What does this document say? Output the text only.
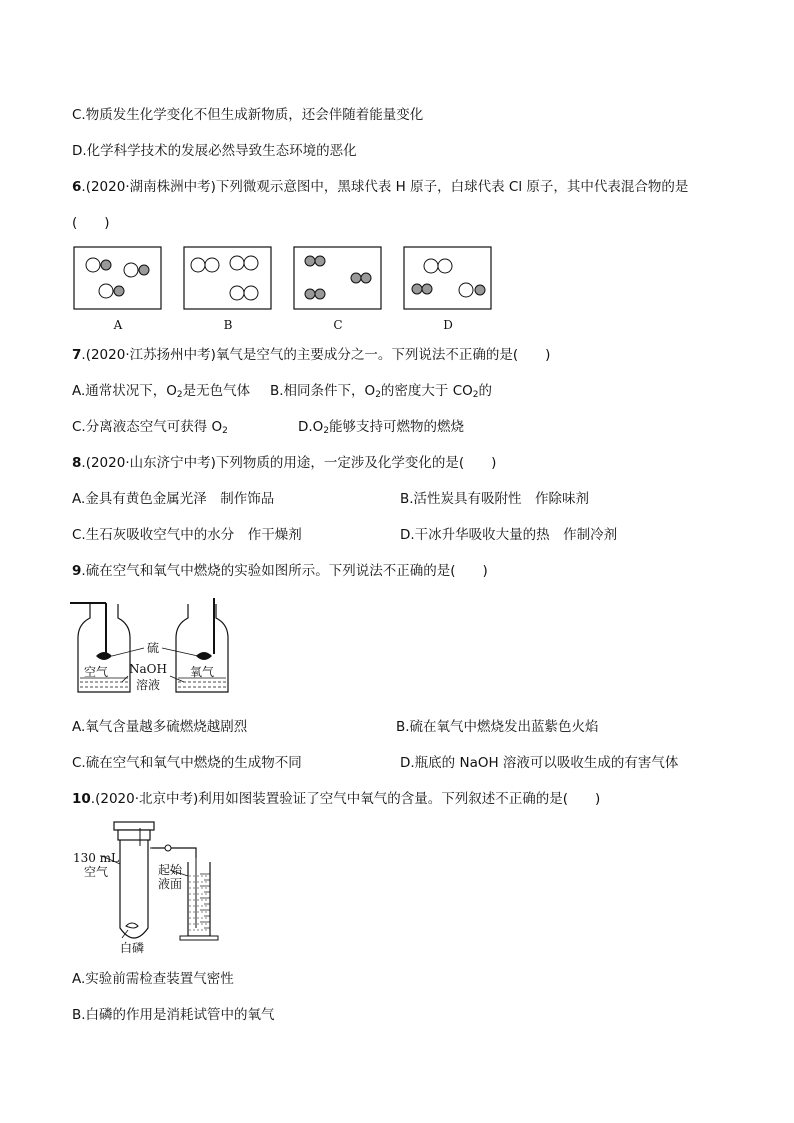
C.物质发生化学变化不但生成新物质，还会伴随着能量变化
D.化学科学技术的发展必然导致生态环境的恶化
6.(2020·湖南株洲中考)下列微观示意图中，黑球代表 H 原子，白球代表 Cl 原子，其中代表混合物的是
(　　)
A	B	C	D
7.(2020·江苏扬州中考)氧气是空气的主要成分之一。下列说法不正确的是(　　)
A.通常状况下，$O_2$是无色气体 B.相同条件下，$O_2$的密度大于 $CO_2$的
C.分离液态空气可获得 $O_2$	$D.O_2$能够支持可燃物的燃烧
8.(2020·山东济宁中考)下列物质的用途，一定涉及化学变化的是(　　)
A.金具有黄色金属光泽　制作饰品	B.活性炭具有吸附性　作除味剂
C.生石灰吸收空气中的水分　作干燥剂	D.干冰升华吸收大量的热　作制冷剂
9.硫在空气和氧气中燃烧的实验如图所示。下列说法不正确的是(　　)
硫
空气 NaOH
溶液
氧气
A.氧气含量越多硫燃烧越剧烈	B.硫在氧气中燃烧发出蓝紫色火焰
C.硫在空气和氧气中燃烧的生成物不同	D.瓶底的 NaOH 溶液可以吸收生成的有害气体
10.(2020·北京中考)利用如图装置验证了空气中氧气的含量。下列叙述不正确的是(　　)
130 mL
空气	起始
液面
白磷
A.实验前需检查装置气密性
B.白磷的作用是消耗试管中的氧气
